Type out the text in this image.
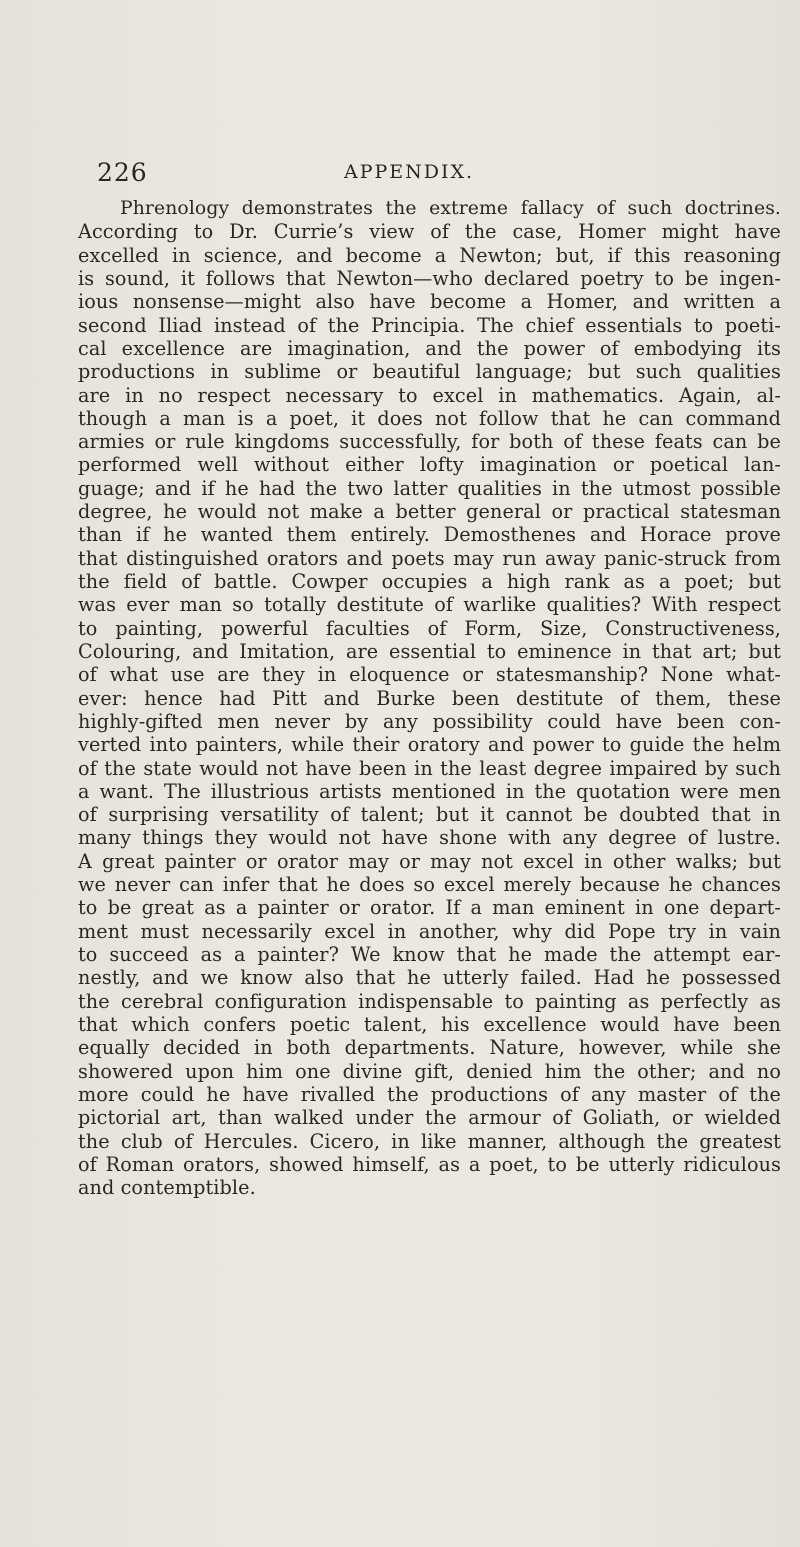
226	APPENDIX.
Phrenology demonstrates the extreme fallacy of such doctrines.
According to Dr. Currie’s view of the case, Homer might have
excelled in science, and become a Newton; but, if this reasoning
is sound, it follows that Newton—who declared poetry to be ingen-
ious nonsense—might also have become a Homer, and written a
second Iliad instead of the Principia. The chief essentials to poeti-
cal excellence are imagination, and the power of embodying its
productions in sublime or beautiful language; but such qualities
are in no respect necessary to excel in mathematics. Again, al-
though a man is a poet, it does not follow that he can command
armies or rule kingdoms successfully, for both of these feats can be
performed well without either lofty imagination or poetical lan-
guage; and if he had the two latter qualities in the utmost possible
degree, he would not make a better general or practical statesman
than if he wanted them entirely. Demosthenes and Horace prove
that distinguished orators and poets may run away panic-struck from
the field of battle. Cowper occupies a high rank as a poet; but
was ever man so totally destitute of warlike qualities? With respect
to painting, powerful faculties of Form, Size, Constructiveness,
Colouring, and Imitation, are essential to eminence in that art; but
of what use are they in eloquence or statesmanship? None what-
ever: hence had Pitt and Burke been destitute of them, these
highly-gifted men never by any possibility could have been con-
verted into painters, while their oratory and power to guide the helm
of the state would not have been in the least degree impaired by such
a want. The illustrious artists mentioned in the quotation were men
of surprising versatility of talent; but it cannot be doubted that in
many things they would not have shone with any degree of lustre.
A great painter or orator may or may not excel in other walks; but
we never can infer that he does so excel merely because he chances
to be great as a painter or orator. If a man eminent in one depart-
ment must necessarily excel in another, why did Pope try in vain
to succeed as a painter? We know that he made the attempt ear-
nestly, and we know also that he utterly failed. Had he possessed
the cerebral configuration indispensable to painting as perfectly as
that which confers poetic talent, his excellence would have been
equally decided in both departments. Nature, however, while she
showered upon him one divine gift, denied him the other; and no
more could he have rivalled the productions of any master of the
pictorial art, than walked under the armour of Goliath, or wielded
the club of Hercules. Cicero, in like manner, although the greatest
of Roman orators, showed himself, as a poet, to be utterly ridiculous
and contemptible.
